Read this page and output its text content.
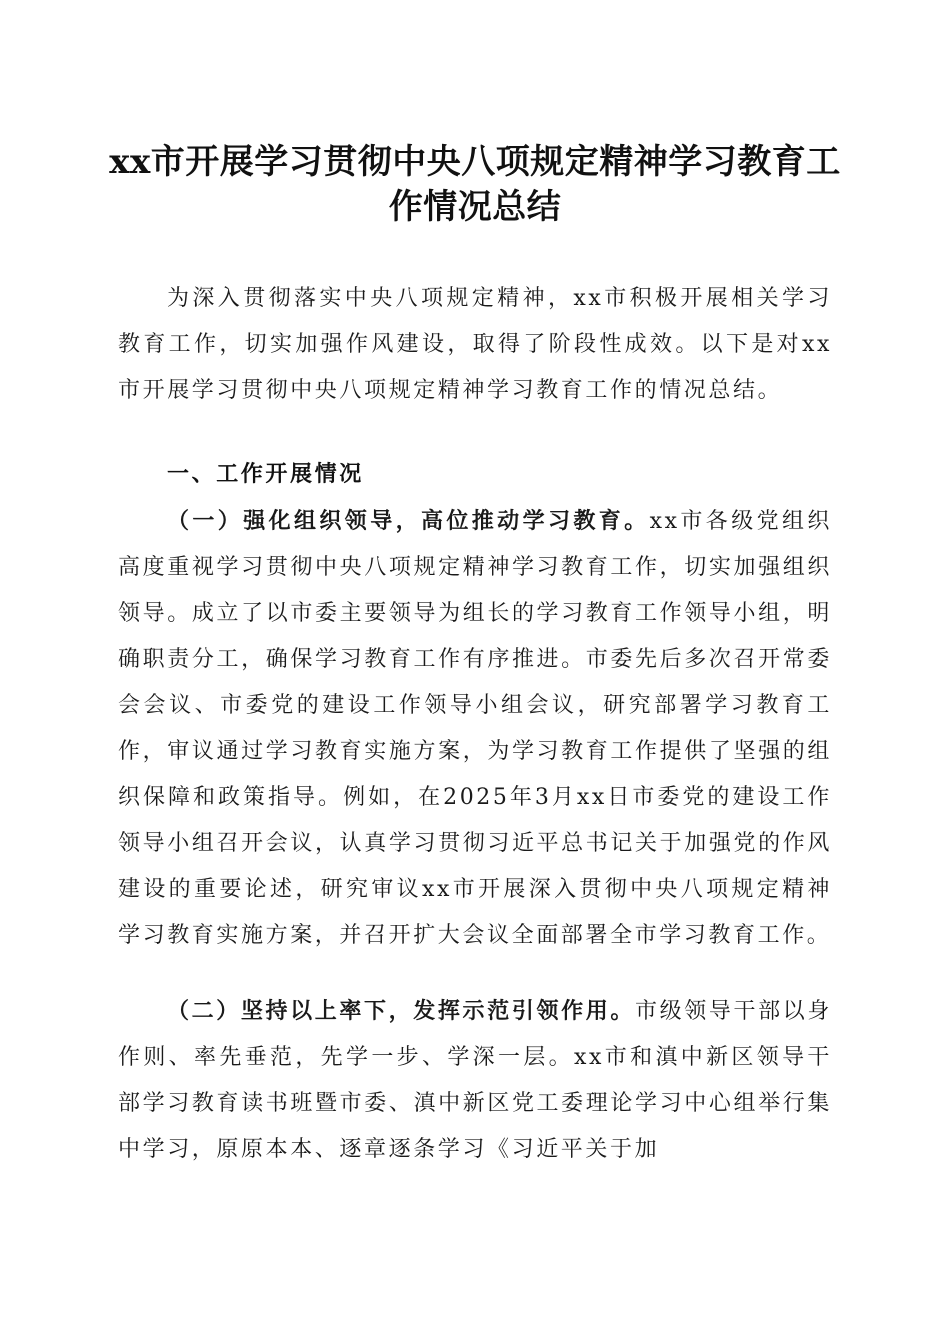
xx市开展学习贯彻中央八项规定精神学习教育工作情况总结

为深入贯彻落实中央八项规定精神，xx市积极开展相关学习教育工作，切实加强作风建设，取得了阶段性成效。以下是对xx市开展学习贯彻中央八项规定精神学习教育工作的情况总结。

一、工作开展情况

（一）强化组织领导，高位推动学习教育。xx市各级党组织高度重视学习贯彻中央八项规定精神学习教育工作，切实加强组织领导。成立了以市委主要领导为组长的学习教育工作领导小组，明确职责分工，确保学习教育工作有序推进。市委先后多次召开常委会会议、市委党的建设工作领导小组会议，研究部署学习教育工作，审议通过学习教育实施方案，为学习教育工作提供了坚强的组织保障和政策指导。例如，在2025年3月xx日市委党的建设工作领导小组召开会议，认真学习贯彻习近平总书记关于加强党的作风建设的重要论述，研究审议xx市开展深入贯彻中央八项规定精神学习教育实施方案，并召开扩大会议全面部署全市学习教育工作。

（二）坚持以上率下，发挥示范引领作用。市级领导干部以身作则、率先垂范，先学一步、学深一层。xx市和滇中新区领导干部学习教育读书班暨市委、滇中新区党工委理论学习中心组举行集中学习，原原本本、逐章逐条学习《习近平关于加
